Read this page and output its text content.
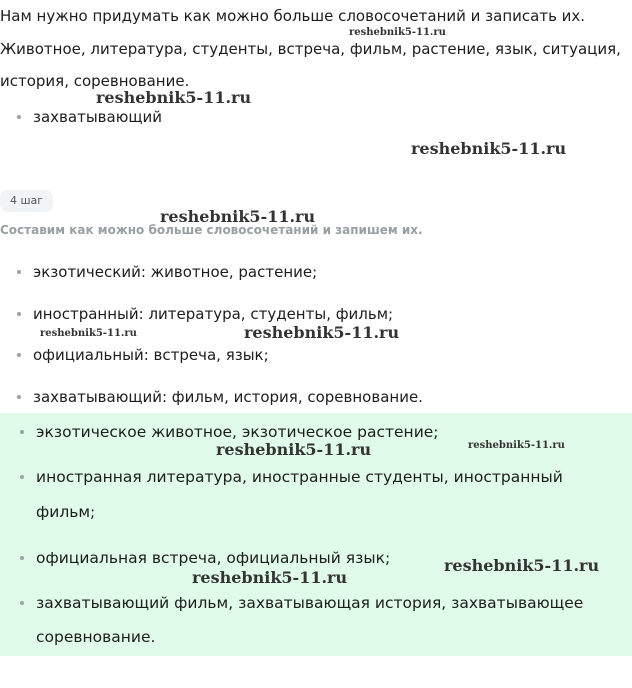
Нам нужно придумать как можно больше словосочетаний и записать их.
Животное, литература, студенты, встреча, фильм, растение, язык, ситуация,
история, соревнование.
захватывающий
4 шаг
Составим как можно больше словосочетаний и запишем их.
экзотический: животное, растение;
иностранный: литература, студенты, фильм;
официальный: встреча, язык;
захватывающий: фильм, история, соревнование.
экзотическое животное, экзотическое растение;
иностранная литература, иностранные студенты, иностранный
фильм;
официальная встреча, официальный язык;
захватывающий фильм, захватывающая история, захватывающее
соревнование.
reshebnik5-11.ru
reshebnik5-11.ru
reshebnik5-11.ru
reshebnik5-11.ru
reshebnik5-11.ru	reshebnik5-11.ru
reshebnik5-11.ru	reshebnik5-11.ru
reshebnik5-11.ru
reshebnik5-11.ru
